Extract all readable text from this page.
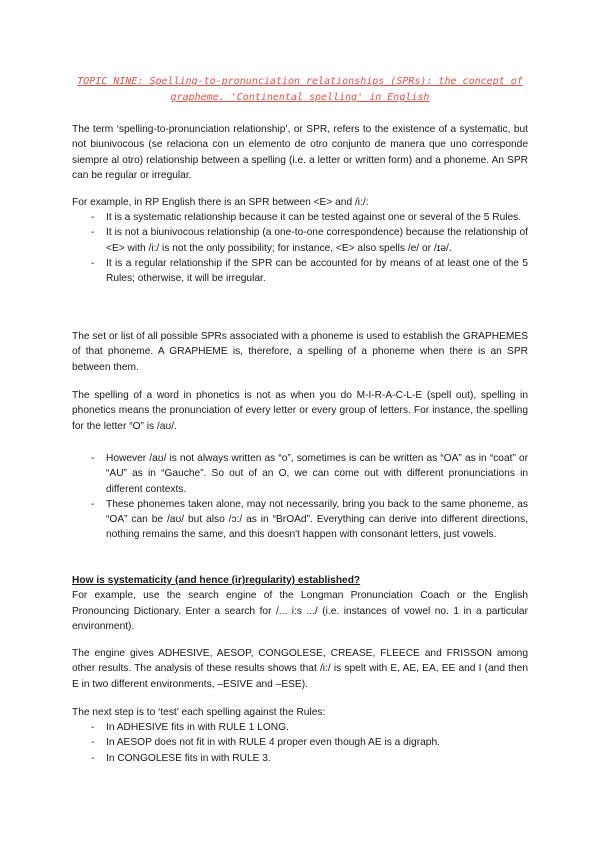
TOPIC NINE: Spelling-to-pronunciation relationships (SPRs): the concept of
grapheme. 'Continental spelling' in English

The term ‘spelling-to-pronunciation relationship’, or SPR, refers to the existence of a systematic, but not biunivocous (se relaciona con un elemento de otro conjunto de manera que uno corresponde siempre al otro) relationship between a spelling (i.e. a letter or written form) and a phoneme. An SPR can be regular or irregular.

For example, in RP English there is an SPR between <E> and /i:/:

- It is a systematic relationship because it can be tested against one or several of the 5 Rules.
- It is not a biunivocous relationship (a one-to-one correspondence) because the relationship of <E> with /i:/ is not the only possibility; for instance, <E> also spells /e/ or /ɪə/.
- It is a regular relationship if the SPR can be accounted for by means of at least one of the 5 Rules; otherwise, it will be irregular.

The set or list of all possible SPRs associated with a phoneme is used to establish the GRAPHEMES of that phoneme. A GRAPHEME is, therefore, a spelling of a phoneme when there is an SPR between them.

The spelling of a word in phonetics is not as when you do M-I-R-A-C-L-E (spell out), spelling in phonetics means the pronunciation of every letter or every group of letters. For instance, the spelling for the letter “O” is /aʊ/.

- However /aʊ/ is not always written as “o”, sometimes is can be written as “OA” as in “coat” or “AU” as in “Gauche”. So out of an O, we can come out with different pronunciations in different contexts.
- These phonemes taken alone, may not necessarily, bring you back to the same phoneme, as “OA” can be /aʊ/ but also /ɔ:/ as in “BrOAd”. Everything can derive into different directions, nothing remains the same, and this doesn't happen with consonant letters, just vowels.

How is systematicity (and hence (ir)regularity) established?
For example, use the search engine of the Longman Pronunciation Coach or the English Pronouncing Dictionary. Enter a search for /... i:s .../ (i.e. instances of vowel no. 1 in a particular environment).

The engine gives ADHESIVE, AESOP, CONGOLESE, CREASE, FLEECE and FRISSON among other results. The analysis of these results shows that /i:/ is spelt with E, AE, EA, EE and I (and then E in two different environments, –ESIVE and –ESE).

The next step is to ‘test’ each spelling against the Rules:

- In ADHESIVE fits in with RULE 1 LONG.
- In AESOP does not fit in with RULE 4 proper even though AE is a digraph.
- In CONGOLESE fits in with RULE 3.
